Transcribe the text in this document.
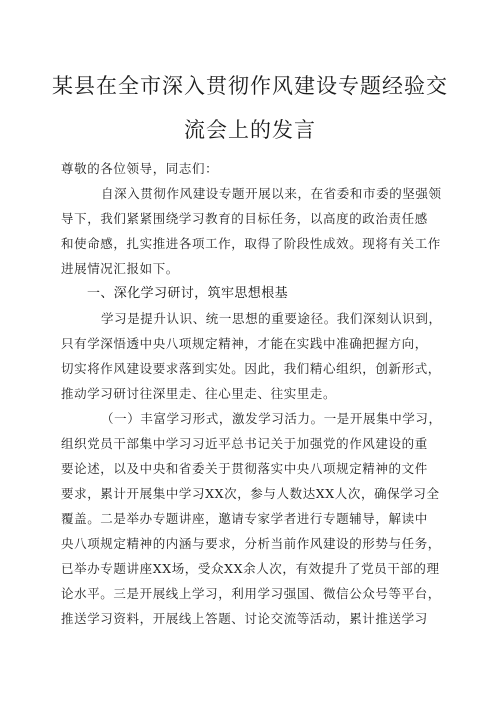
某县在全市深入贯彻作风建设专题经验交
流会上的发言
尊敬的各位领导，同志们：
自深入贯彻作风建设专题开展以来，在省委和市委的坚强领
导下，我们紧紧围绕学习教育的目标任务，以高度的政治责任感
和使命感，扎实推进各项工作，取得了阶段性成效。现将有关工作
进展情况汇报如下。
一、深化学习研讨，筑牢思想根基
学习是提升认识、统一思想的重要途径。我们深刻认识到，
只有学深悟透中央八项规定精神，才能在实践中准确把握方向，
切实将作风建设要求落到实处。因此，我们精心组织，创新形式，
推动学习研讨往深里走、往心里走、往实里走。
（一）丰富学习形式，激发学习活力。一是开展集中学习，
组织党员干部集中学习习近平总书记关于加强党的作风建设的重
要论述，以及中央和省委关于贯彻落实中央八项规定精神的文件
要求，累计开展集中学习XX次，参与人数达XX人次，确保学习全
覆盖。二是举办专题讲座，邀请专家学者进行专题辅导，解读中
央八项规定精神的内涵与要求，分析当前作风建设的形势与任务，
已举办专题讲座XX场，受众XX余人次，有效提升了党员干部的理
论水平。三是开展线上学习，利用学习强国、微信公众号等平台，
推送学习资料，开展线上答题、讨论交流等活动，累计推送学习
